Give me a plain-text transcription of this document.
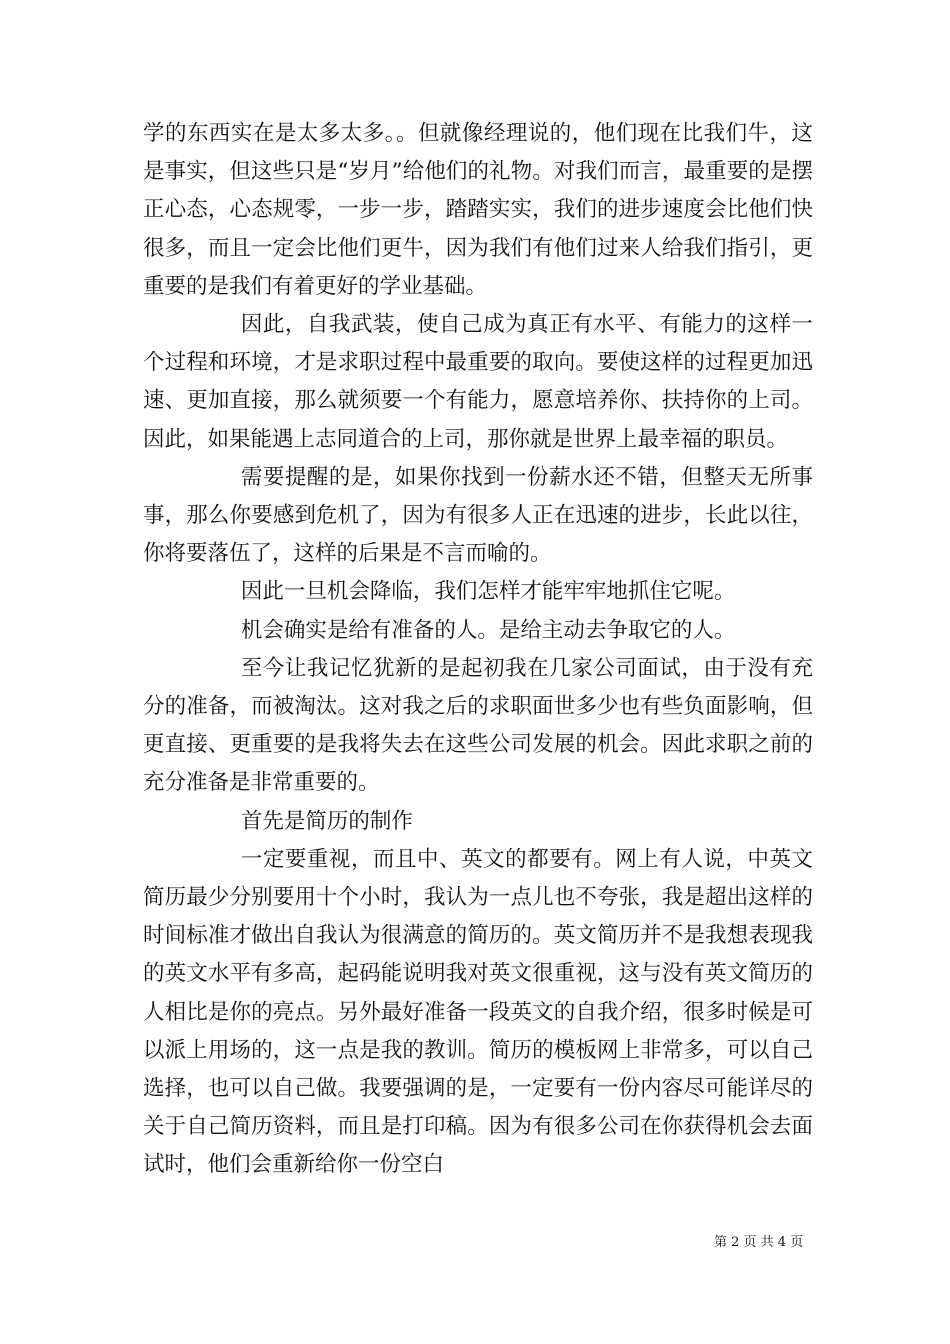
学的东西实在是太多太多。。但就像经理说的，他们现在比我们牛，这是事实，但这些只是“岁月”给他们的礼物。对我们而言，最重要的是摆正心态，心态规零，一步一步，踏踏实实，我们的进步速度会比他们快很多，而且一定会比他们更牛，因为我们有他们过来人给我们指引，更重要的是我们有着更好的学业基础。

因此，自我武装，使自己成为真正有水平、有能力的这样一个过程和环境，才是求职过程中最重要的取向。要使这样的过程更加迅速、更加直接，那么就须要一个有能力，愿意培养你、扶持你的上司。因此，如果能遇上志同道合的上司，那你就是世界上最幸福的职员。

需要提醒的是，如果你找到一份薪水还不错，但整天无所事事，那么你要感到危机了，因为有很多人正在迅速的进步，长此以往，你将要落伍了，这样的后果是不言而喻的。

因此一旦机会降临，我们怎样才能牢牢地抓住它呢。

机会确实是给有准备的人。是给主动去争取它的人。

至今让我记忆犹新的是起初我在几家公司面试，由于没有充分的准备，而被淘汰。这对我之后的求职面世多少也有些负面影响，但更直接、更重要的是我将失去在这些公司发展的机会。因此求职之前的充分准备是非常重要的。

首先是简历的制作

一定要重视，而且中、英文的都要有。网上有人说，中英文简历最少分别要用十个小时，我认为一点儿也不夸张，我是超出这样的时间标准才做出自我认为很满意的简历的。英文简历并不是我想表现我的英文水平有多高，起码能说明我对英文很重视，这与没有英文简历的人相比是你的亮点。另外最好准备一段英文的自我介绍，很多时候是可以派上用场的，这一点是我的教训。简历的模板网上非常多，可以自己选择，也可以自己做。我要强调的是，一定要有一份内容尽可能详尽的关于自己简历资料，而且是打印稿。因为有很多公司在你获得机会去面试时，他们会重新给你一份空白

第 2 页 共 4 页
